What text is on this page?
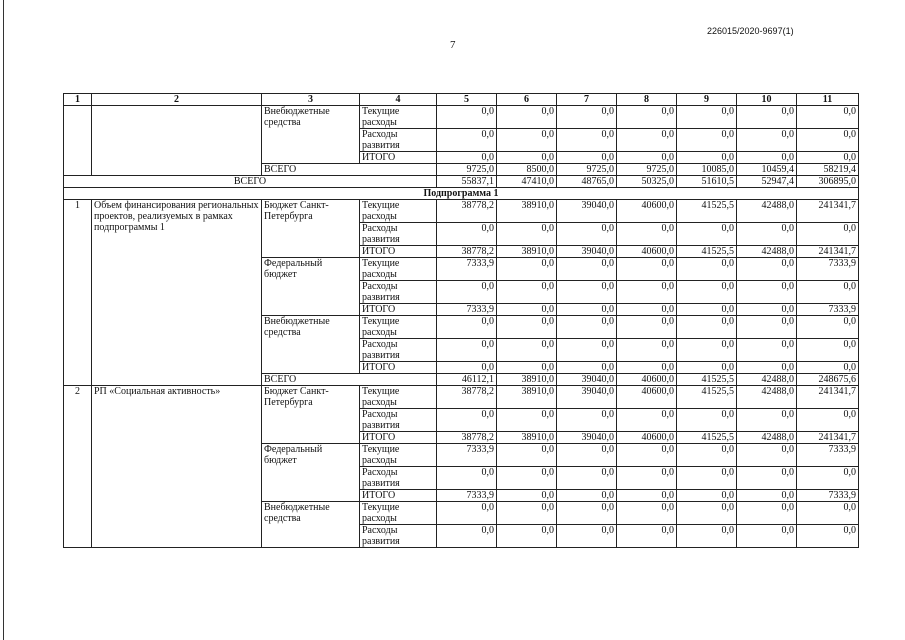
226015/2020-9697(1)
7
1	2	3	4	5	6	7	8	9	10	11
		Внебюджетные средства	Текущие расходы	0,0	0,0	0,0	0,0	0,0	0,0	0,0
			Расходы развития	0,0	0,0	0,0	0,0	0,0	0,0	0,0
			ИТОГО	0,0	0,0	0,0	0,0	0,0	0,0	0,0
		ВСЕГО		9725,0	8500,0	9725,0	9725,0	10085,0	10459,4	58219,4
ВСЕГО				55837,1	47410,0	48765,0	50325,0	51610,5	52947,4	306895,0
Подпрограмма 1										
1	Объем финансирования региональных проектов, реализуемых в рамках подпрограммы 1	Бюджет Санкт-Петербурга	Текущие расходы	38778,2	38910,0	39040,0	40600,0	41525,5	42488,0	241341,7
			Расходы развития	0,0	0,0	0,0	0,0	0,0	0,0	0,0
			ИТОГО	38778,2	38910,0	39040,0	40600,0	41525,5	42488,0	241341,7
		Федеральный бюджет	Текущие расходы	7333,9	0,0	0,0	0,0	0,0	0,0	7333,9
			Расходы развития	0,0	0,0	0,0	0,0	0,0	0,0	0,0
			ИТОГО	7333,9	0,0	0,0	0,0	0,0	0,0	7333,9
		Внебюджетные средства	Текущие расходы	0,0	0,0	0,0	0,0	0,0	0,0	0,0
			Расходы развития	0,0	0,0	0,0	0,0	0,0	0,0	0,0
			ИТОГО	0,0	0,0	0,0	0,0	0,0	0,0	0,0
		ВСЕГО		46112,1	38910,0	39040,0	40600,0	41525,5	42488,0	248675,6
2	РП «Социальная активность»	Бюджет Санкт-Петербурга	Текущие расходы	38778,2	38910,0	39040,0	40600,0	41525,5	42488,0	241341,7
			Расходы развития	0,0	0,0	0,0	0,0	0,0	0,0	0,0
			ИТОГО	38778,2	38910,0	39040,0	40600,0	41525,5	42488,0	241341,7
		Федеральный бюджет	Текущие расходы	7333,9	0,0	0,0	0,0	0,0	0,0	7333,9
			Расходы развития	0,0	0,0	0,0	0,0	0,0	0,0	0,0
			ИТОГО	7333,9	0,0	0,0	0,0	0,0	0,0	7333,9
		Внебюджетные средства	Текущие расходы	0,0	0,0	0,0	0,0	0,0	0,0	0,0
			Расходы развития	0,0	0,0	0,0	0,0	0,0	0,0	0,0
